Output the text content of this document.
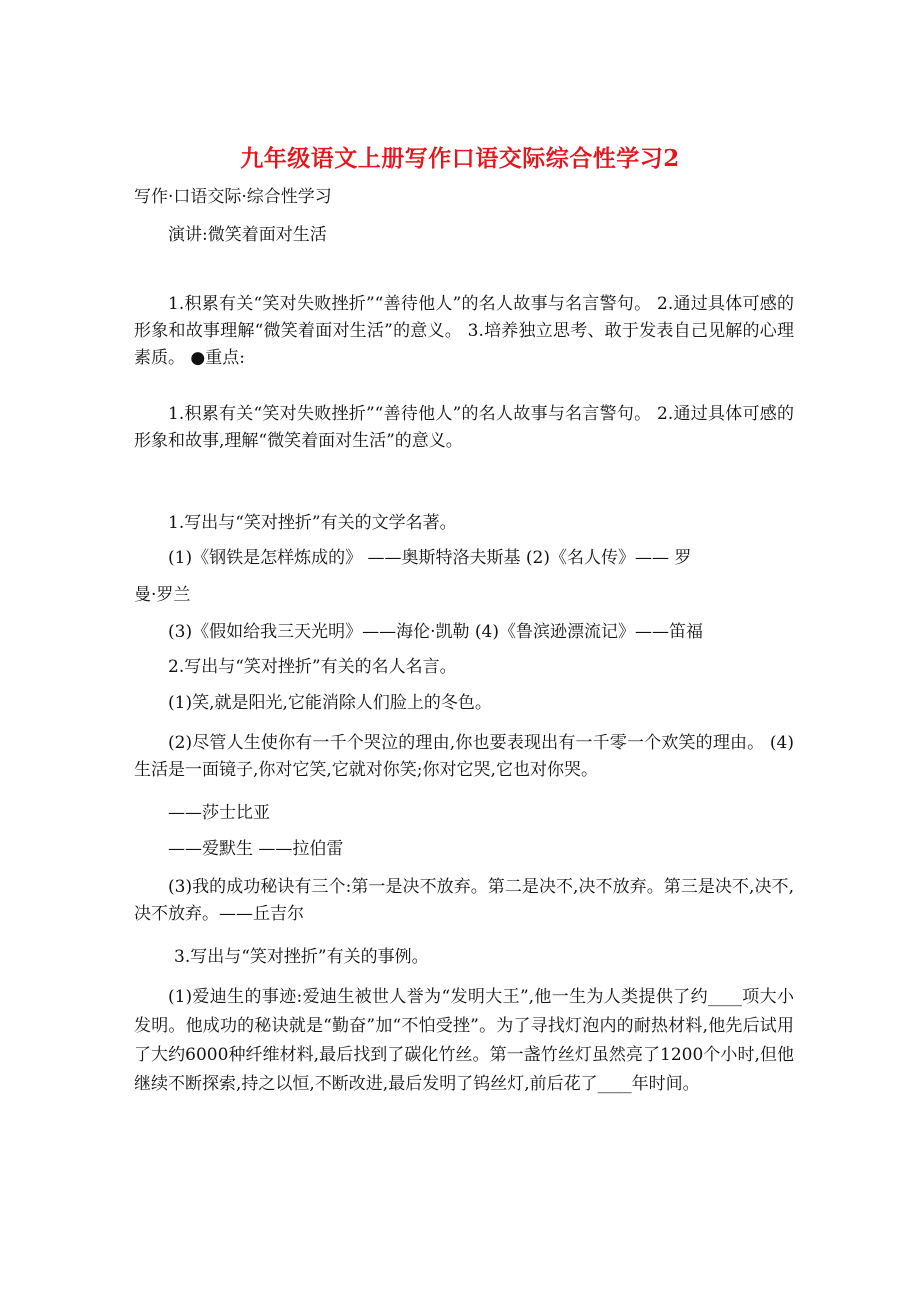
九年级语文上册写作口语交际综合性学习2
写作·口语交际·综合性学习
演讲:微笑着面对生活

1.积累有关“笑对失败挫折”“善待他人”的名人故事与名言警句。 2.通过具体可感的形象和故事理解“微笑着面对生活”的意义。 3.培养独立思考、敢于发表自己见解的心理素质。 ●重点:

1.积累有关“笑对失败挫折”“善待他人”的名人故事与名言警句。 2.通过具体可感的形象和故事,理解“微笑着面对生活”的意义。

1.写出与“笑对挫折”有关的文学名著。
(1)《钢铁是怎样炼成的》 ——奥斯特洛夫斯基 (2)《名人传》—— 罗
曼·罗兰
(3)《假如给我三天光明》——海伦·凯勒 (4)《鲁滨逊漂流记》——笛福
2.写出与“笑对挫折”有关的名人名言。
(1)笑,就是阳光,它能消除人们脸上的冬色。

(2)尽管人生使你有一千个哭泣的理由,你也要表现出有一千零一个欢笑的理由。 (4)生活是一面镜子,你对它笑,它就对你笑;你对它哭,它也对你哭。

——莎士比亚
——爱默生 ——拉伯雷

(3)我的成功秘诀有三个:第一是决不放弃。第二是决不,决不放弃。第三是决不,决不,决不放弃。——丘吉尔

3.写出与“笑对挫折”有关的事例。

(1)爱迪生的事迹:爱迪生被世人誉为“发明大王”,他一生为人类提供了约____项大小发明。他成功的秘诀就是“勤奋”加“不怕受挫”。为了寻找灯泡内的耐热材料,他先后试用了大约6000种纤维材料,最后找到了碳化竹丝。第一盏竹丝灯虽然亮了1200个小时,但他继续不断探索,持之以恒,不断改进,最后发明了钨丝灯,前后花了____年时间。
